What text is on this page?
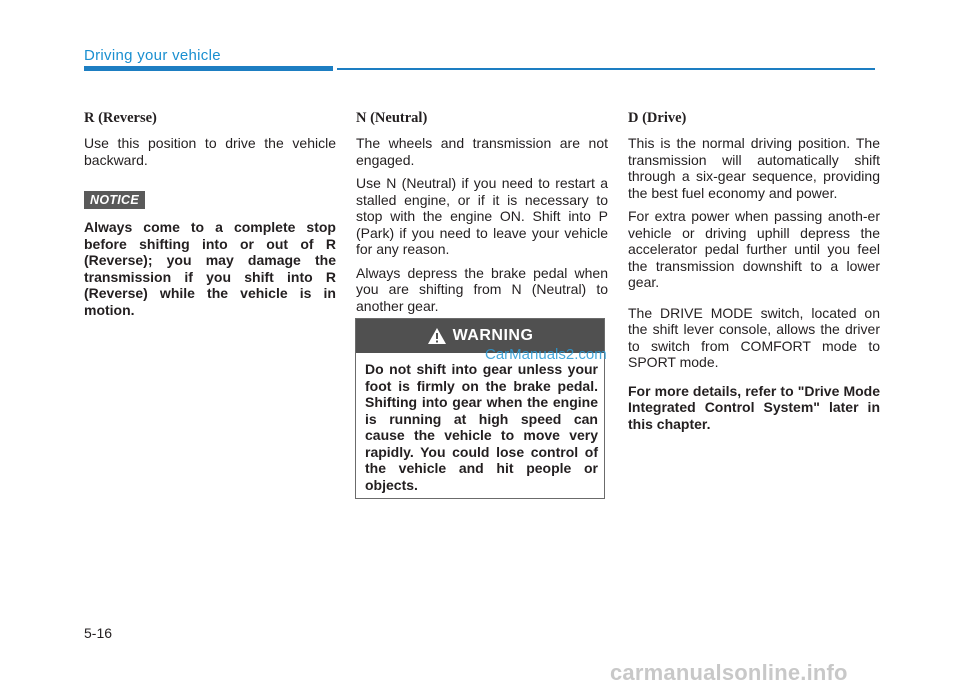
Driving your vehicle
R (Reverse)

Use this position to drive the vehicle backward.

NOTICE

Always come to a complete stop before shifting into or out of R (Reverse); you may damage the transmission if you shift into R (Reverse) while the vehicle is in motion.

N (Neutral)

The wheels and transmission are not engaged.

Use N (Neutral) if you need to restart a stalled engine, or if it is necessary to stop with the engine ON. Shift into P (Park) if you need to leave your vehicle for any reason.

Always depress the brake pedal when you are shifting from N (Neutral) to another gear.

WARNING

Do not shift into gear unless your foot is firmly on the brake pedal. Shifting into gear when the engine is running at high speed can cause the vehicle to move very rapidly. You could lose control of the vehicle and hit people or objects.

CarManuals2.com
D (Drive)

This is the normal driving position. The transmission will automatically shift through a six-gear sequence, providing the best fuel economy and power.

For extra power when passing anoth-er vehicle or driving uphill depress the accelerator pedal further until you feel the transmission downshift to a lower gear.

The DRIVE MODE switch, located on the shift lever console, allows the driver to switch from COMFORT mode to SPORT mode.

For more details, refer to "Drive Mode Integrated Control System" later in this chapter.

5-16
carmanualsonline.info
